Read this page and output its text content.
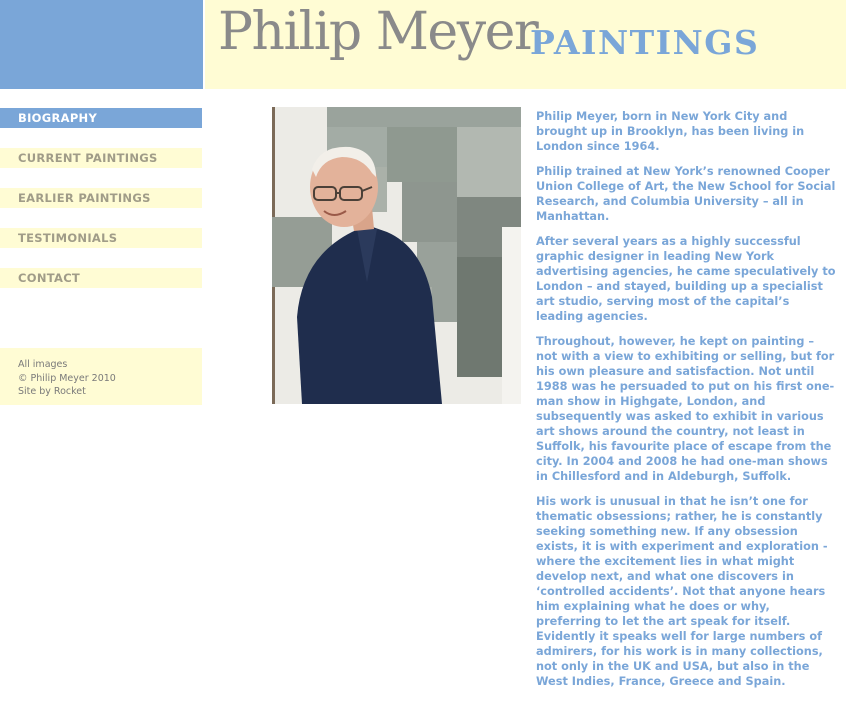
Philip Meyer
PAINTINGS
BIOGRAPHY
CURRENT PAINTINGS
EARLIER PAINTINGS
TESTIMONIALS
CONTACT
All images
© Philip Meyer 2010
Site by Rocket

Philip Meyer, born in New York City and brought up in Brooklyn, has been living in London since 1964.

Philip trained at New York’s renowned Cooper Union College of Art, the New School for Social Research, and Columbia University – all in Manhattan.

After several years as a highly successful graphic designer in leading New York advertising agencies, he came speculatively to London – and stayed, building up a specialist art studio, serving most of the capital’s leading agencies.

Throughout, however, he kept on painting – not with a view to exhibiting or selling, but for his own pleasure and satisfaction. Not until 1988 was he persuaded to put on his first one-man show in Highgate, London, and subsequently was asked to exhibit in various art shows around the country, not least in Suffolk, his favourite place of escape from the city. In 2004 and 2008 he had one-man shows in Chillesford and in Aldeburgh, Suffolk.

His work is unusual in that he isn’t one for thematic obsessions; rather, he is constantly seeking something new. If any obsession exists, it is with experiment and exploration - where the excitement lies in what might develop next, and what one discovers in ‘controlled accidents’. Not that anyone hears him explaining what he does or why, preferring to let the art speak for itself. Evidently it speaks well for large numbers of admirers, for his work is in many collections, not only in the UK and USA, but also in the West Indies, France, Greece and Spain.
